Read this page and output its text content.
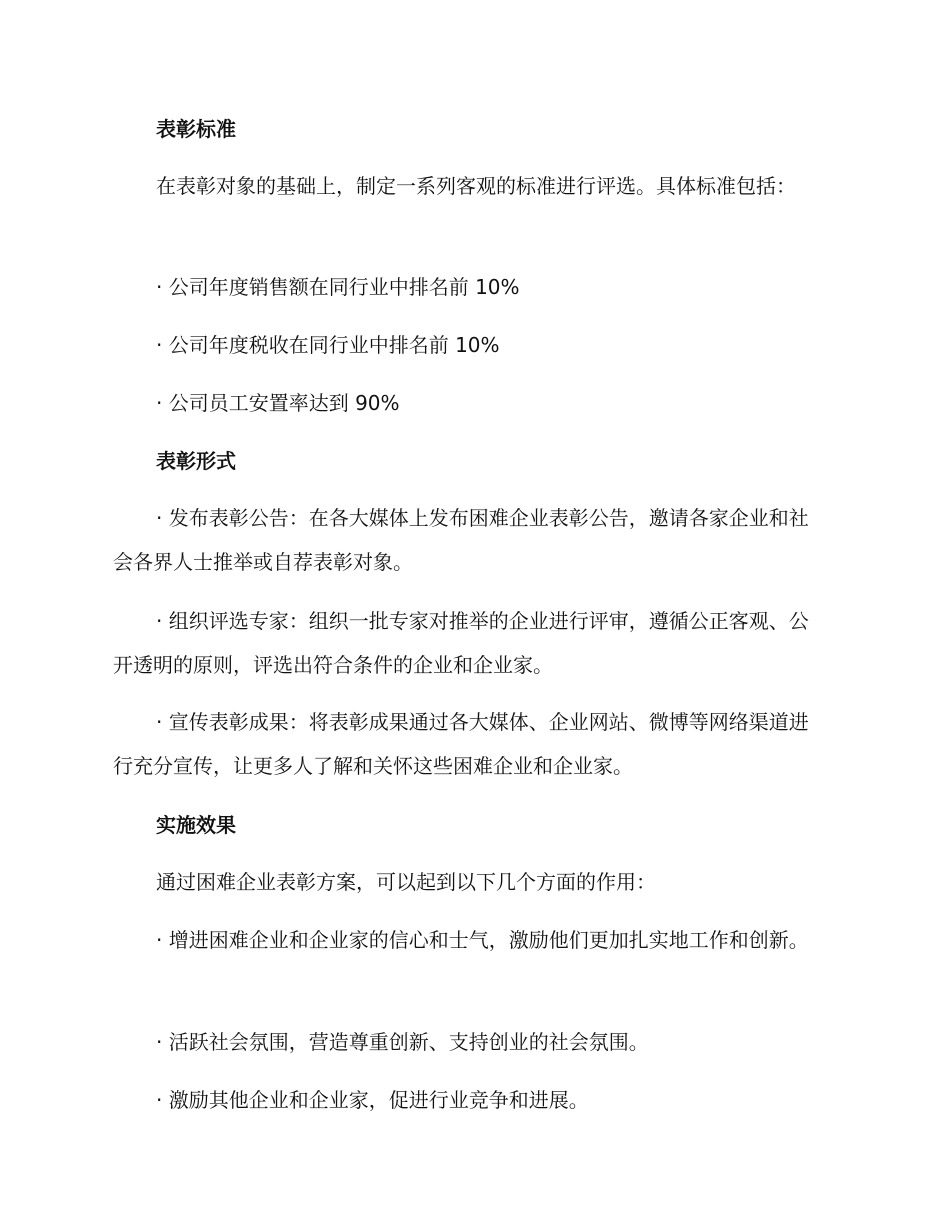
表彰标准

在表彰对象的基础上，制定一系列客观的标准进行评选。具体标准包括：

· 公司年度销售额在同行业中排名前 10%

· 公司年度税收在同行业中排名前 10%

· 公司员工安置率达到 90%

表彰形式

· 发布表彰公告：在各大媒体上发布困难企业表彰公告，邀请各家企业和社会各界人士推举或自荐表彰对象。

· 组织评选专家：组织一批专家对推举的企业进行评审，遵循公正客观、公开透明的原则，评选出符合条件的企业和企业家。

· 宣传表彰成果：将表彰成果通过各大媒体、企业网站、微博等网络渠道进行充分宣传，让更多人了解和关怀这些困难企业和企业家。

实施效果

通过困难企业表彰方案，可以起到以下几个方面的作用：

· 增进困难企业和企业家的信心和士气，激励他们更加扎实地工作和创新。

· 活跃社会氛围，营造尊重创新、支持创业的社会氛围。

· 激励其他企业和企业家，促进行业竞争和进展。
